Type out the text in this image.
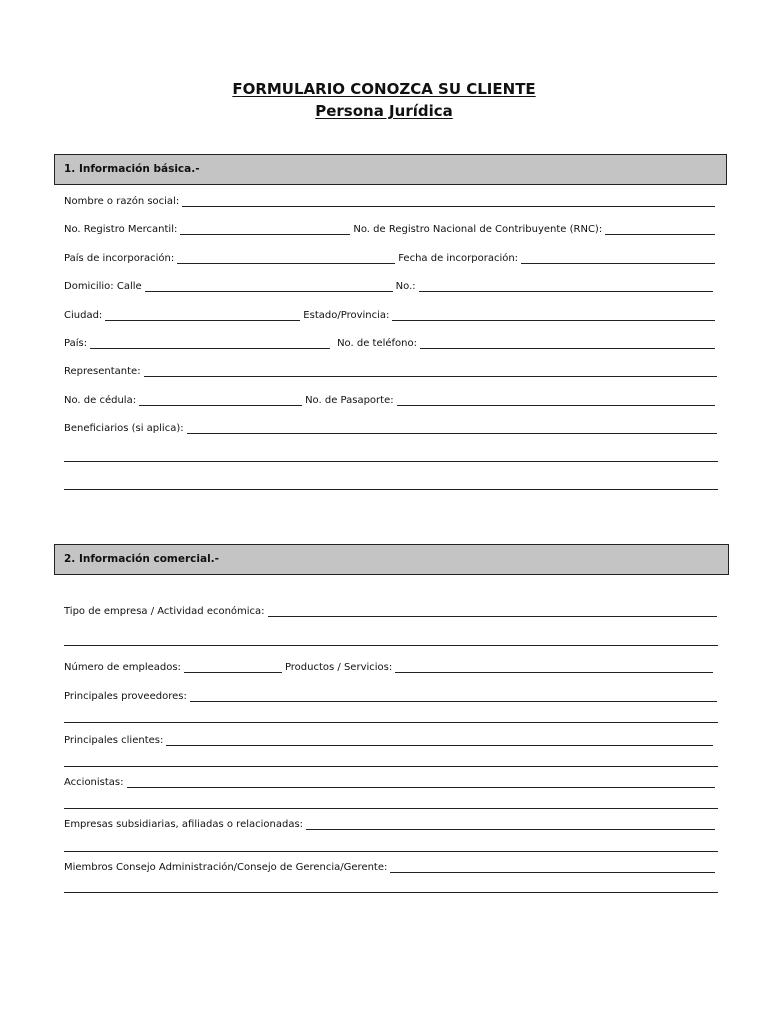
FORMULARIO CONOZCA SU CLIENTE
Persona Jurídica
1. Información básica.-
Nombre o razón social:
No. Registro Mercantil:	No. de Registro Nacional de Contribuyente (RNC):
País de incorporación:	Fecha de incorporación:
Domicilio: Calle	No.:
Ciudad:	Estado/Provincia:
País:	No. de teléfono:
Representante:
No. de cédula:	No. de Pasaporte:
Beneficiarios (si aplica):
2. Información comercial.-
Tipo de empresa / Actividad económica:
Número de empleados:	Productos / Servicios:
Principales proveedores:
Principales clientes:
Accionistas:
Empresas subsidiarias, afiliadas o relacionadas:
Miembros Consejo Administración/Consejo de Gerencia/Gerente:
